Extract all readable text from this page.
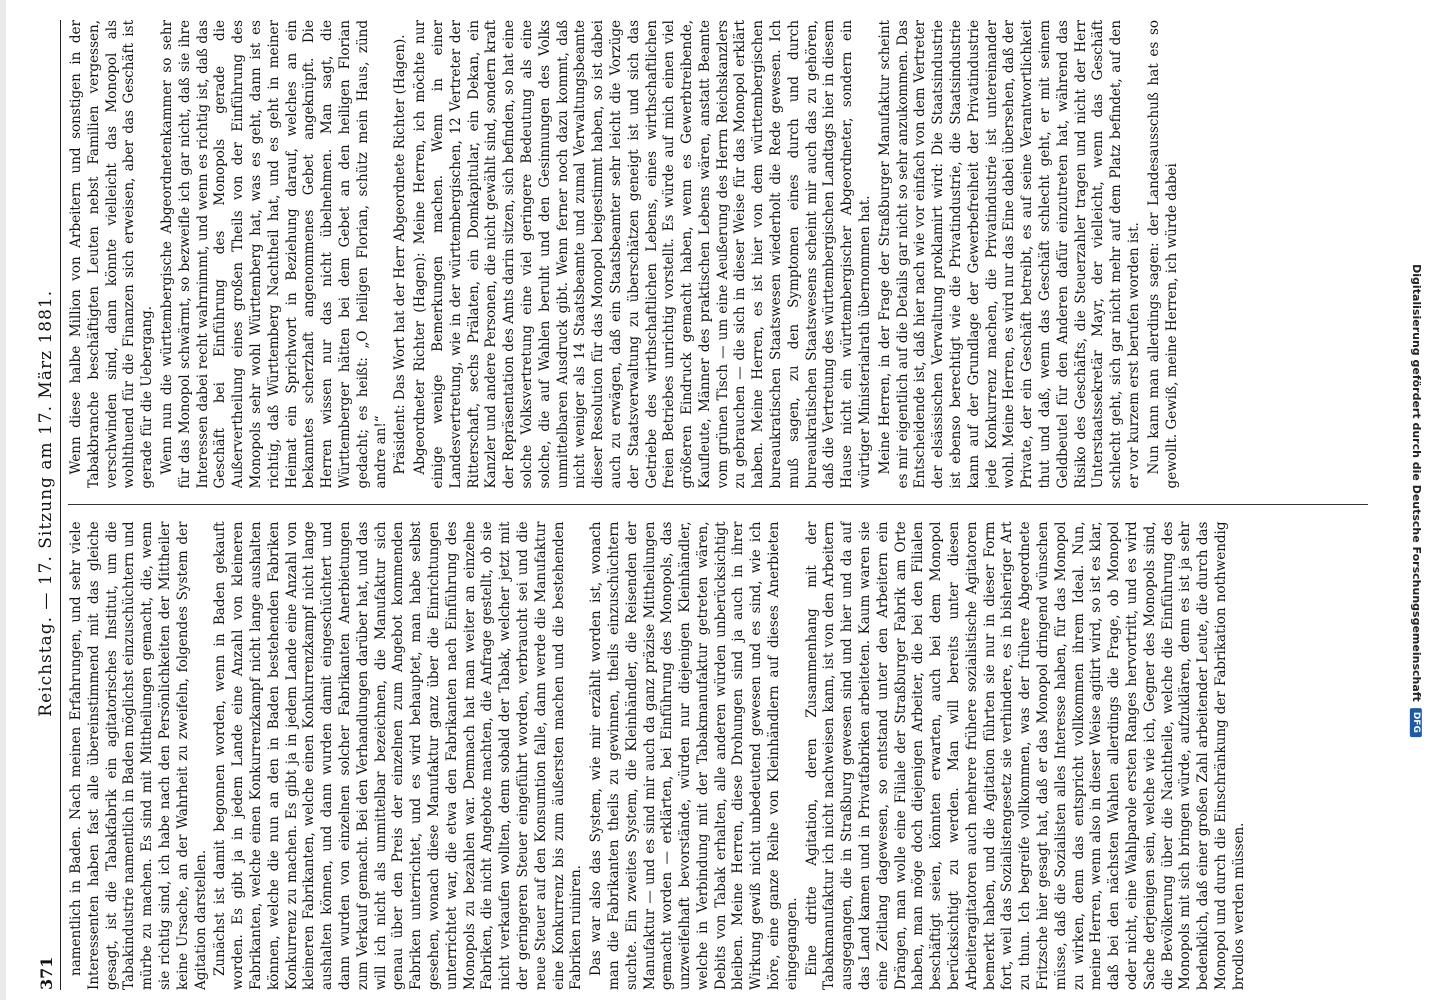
371
Reichstag. — 17. Sitzung am 17. März 1881.

namentlich in Baden. Nach meinen Erfahrungen, und sehr viele Interessenten haben fast alle übereinstimmend mit das gleiche gesagt, ist die Tabakfabrik ein agitatorisches Institut, um die Tabakindustrie namentlich in Baden möglichst einzuschüchtern und mürbe zu machen. Es sind mit Mittheilungen gemacht, die, wenn sie richtig sind, ich habe nach den Persönlichkeiten der Mittheiler keine Ursache, an der Wahrheit zu zweifeln, folgendes System der Agitation darstellen. Zunächst ist damit begonnen worden, wenn in Baden gekauft worden. Es gibt ja in jedem Lande eine Anzahl von kleineren Fabrikanten, welche einen Konkurrenzkampf nicht lange aushalten können, welche die nun an den in Baden bestehenden Fabriken Konkurrenz zu machen. Es gibt ja in jedem Lande eine Anzahl von kleineren Fabrikanten, welche einen Konkurrenzkampf nicht lange aushalten können, und dann wurden damit eingeschüchtert und dann wurden von einzelnen solcher Fabrikanten Anerbietungen zum Verkauf gemacht. Bei den Verhandlungen darüber hat, und das will ich nicht als unmittelbar bezeichnen, die Manufaktur sich genau über den Preis der einzelnen zum Angebot kommenden Fabriken unterrichtet, und es wird behauptet, man habe selbst gesehen, wonach diese Manufaktur ganz über die Einrichtungen unterrichtet war, die etwa den Fabrikanten nach Einführung des Monopols zu bezahlen war. Demnach hat man weiter an einzelne Fabriken, die nicht Angebote machten, die Anfrage gestellt, ob sie nicht verkaufen wollten, denn sobald der Tabak, welcher jetzt mit der geringeren Steuer eingeführt worden, verbraucht sei und die neue Steuer auf den Konsumtion falle, dann werde die Manufaktur eine Konkurrenz bis zum äußersten machen und die bestehenden Fabriken ruiniren. Das war also das System, wie mir erzählt worden ist, wonach man die Fabrikanten theils zu gewinnen, theils einzuschüchtern suchte. Ein zweites System, die Kleinhändler, die Reisenden der Manufaktur — und es sind mir auch da ganz präzise Mittheilungen gemacht worden — erklärten, bei Einführung des Monopols, das unzweifelhaft bevorstände, würden nur diejenigen Kleinhändler, welche in Verbindung mit der Tabakmanufaktur getreten wären, Debits von Tabak erhalten, alle anderen würden unberücksichtigt bleiben. Meine Herren, diese Drohungen sind ja auch in ihrer Wirkung gewiß nicht unbedeutend gewesen und es sind, wie ich höre, eine ganze Reihe von Kleinhändlern auf dieses Anerbieten eingegangen. Eine dritte Agitation, deren Zusammenhang mit der Tabakmanufaktur ich nicht nachweisen kann, ist von den Arbeitern ausgegangen, die in Straßburg gewesen sind und hier und da auf das Land kamen und in Privatfabriken arbeiteten. Kaum waren sie eine Zeitlang dagewesen, so entstand unter den Arbeitern ein Drängen, man wolle eine Filiale der Straßburger Fabrik am Orte haben, man möge doch diejenigen Arbeiter, die bei den Filialen beschäftigt seien, könnten erwarten, auch bei dem Monopol berücksichtigt zu werden. Man will bereits unter diesen Arbeiteragitatoren auch mehrere frühere sozialistische Agitatoren bemerkt haben, und die Agitation führten sie nur in dieser Form fort, weil das Sozialistengesetz sie verhindere, es in bisheriger Art zu thun. Ich begreife vollkommen, was der frühere Abgeordnete Fritzsche hier gesagt hat, daß er das Monopol dringend wünschen müsse, daß die Sozialisten alles Interesse haben, für das Monopol zu wirken, denn das entspricht vollkommen ihrem Ideal. Nun, meine Herren, wenn also in dieser Weise agitirt wird, so ist es klar, daß bei den nächsten Wahlen allerdings die Frage, ob Monopol oder nicht, eine Wahlparole ersten Ranges hervortritt, und es wird Sache derjenigen sein, welche wie ich, Gegner des Monopols sind, die Bevölkerung über die Nachtheile, welche die Einführung des Monopols mit sich bringen würde, aufzuklären, denn es ist ja sehr bedenklich, daß einer großen Zahl arbeitender Leute, die durch das Monopol und durch die Einschränkung der Fabrikation nothwendig brodlos werden müssen.

Wenn diese halbe Million von Arbeitern und sonstigen in der Tabakbranche beschäftigten Leuten nebst Familien vergessen, verschwinden sind, dann könnte vielleicht das Monopol als wohlthuend für die Finanzen sich erweisen, aber das Geschäft ist gerade für die Uebergang. Wenn nun die württembergische Abgeordnetenkammer so sehr für das Monopol schwärmt, so bezweifle ich gar nicht, daß sie ihre Interessen dabei recht wahrnimmt, und wenn es richtig ist, daß das Geschäft bei Einführung des Monopols gerade die Außervertheilung eines großen Theils von der Einführung des Monopols sehr wohl Württemberg hat, was es geht, dann ist es richtig, daß Württemberg Nachtheil hat, und es geht in meiner Heimat ein Sprichwort in Beziehung darauf, welches an ein bekanntes scherzhaft angenommenes Gebet angeknüpft. Die Herren wissen nur das nicht übelnehmen. Man sagt, die Württemberger hätten bei dem Gebet an den heiligen Florian gedacht; es heißt: „O heiligen Florian, schütz mein Haus, zünd andre an!“ Präsident: Das Wort hat der Herr Abgeordnete Richter (Hagen). Abgeordneter Richter (Hagen): Meine Herren, ich möchte nur einige wenige Bemerkungen machen. Wenn in einer Landesvertretung, wie in der württembergischen, 12 Vertreter der Ritterschaft, sechs Prälaten, ein Domkapitular, ein Dekan, ein Kanzler und andere Personen, die nicht gewählt sind, sondern kraft der Repräsentation des Amts darin sitzen, sich befinden, so hat eine solche Volksvertretung eine viel geringere Bedeutung als eine solche, die auf Wahlen beruht und den Gesinnungen des Volks unmittelbaren Ausdruck gibt. Wenn ferner noch dazu kommt, daß nicht weniger als 14 Staatsbeamte und zumal Verwaltungsbeamte dieser Resolution für das Monopol beigestimmt haben, so ist dabei auch zu erwägen, daß ein Staatsbeamter sehr leicht die Vorzüge der Staatsverwaltung zu überschätzen geneigt ist und sich das Getriebe des wirthschaftlichen Lebens, eines wirthschaftlichen freien Betriebes unrichtig vorstellt. Es würde auf mich einen viel größeren Eindruck gemacht haben, wenn es Gewerbtreibende, Kaufleute, Männer des praktischen Lebens wären, anstatt Beamte vom grünen Tisch — um eine Aeußerung des Herrn Reichskanzlers zu gebrauchen — die sich in dieser Weise für das Monopol erklärt haben. Meine Herren, es ist hier von dem württembergischen bureaukratischen Staatswesen wiederholt die Rede gewesen. Ich muß sagen, zu den Symptomen eines durch und durch bureaukratischen Staatswesens scheint mir auch das zu gehören, daß die Vertretung des württembergischen Landtags hier in diesem Hause nicht ein württembergischer Abgeordneter, sondern ein würtiger Ministerialrath übernommen hat. Meine Herren, in der Frage der Straßburger Manufaktur scheint es mir eigentlich auf die Details gar nicht so sehr anzukommen. Das Entscheidende ist, daß hier nach wie vor einfach von dem Vertreter der elsässischen Verwaltung proklamirt wird: Die Staatsindustrie ist ebenso berechtigt wie die Privatindustrie, die Staatsindustrie kann auf der Grundlage der Gewerbefreiheit der Privatindustrie jede Konkurrenz machen, die Privatindustrie ist untereinander wohl. Meine Herren, es wird nur das Eine dabei übersehen, daß der Private, der ein Geschäft betreibt, es auf seine Verantwortlichkeit thut und daß, wenn das Geschäft schlecht geht, er mit seinem Geldbeutel für den Anderen dafür einzutreten hat, während das Risiko des Geschäfts, die Steuerzahler tragen und nicht der Herr Unterstaatssekretär Mayr, der vielleicht, wenn das Geschäft schlecht geht, sich gar nicht mehr auf dem Platz befindet, auf den er vor kurzem erst berufen worden ist. Nun kann man allerdings sagen: der Landesausschuß hat es so gewollt. Gewiß, meine Herren, ich würde dabei	Digitalisierung gefördert durch die Deutsche Forschungsgemeinschaft
DFG
